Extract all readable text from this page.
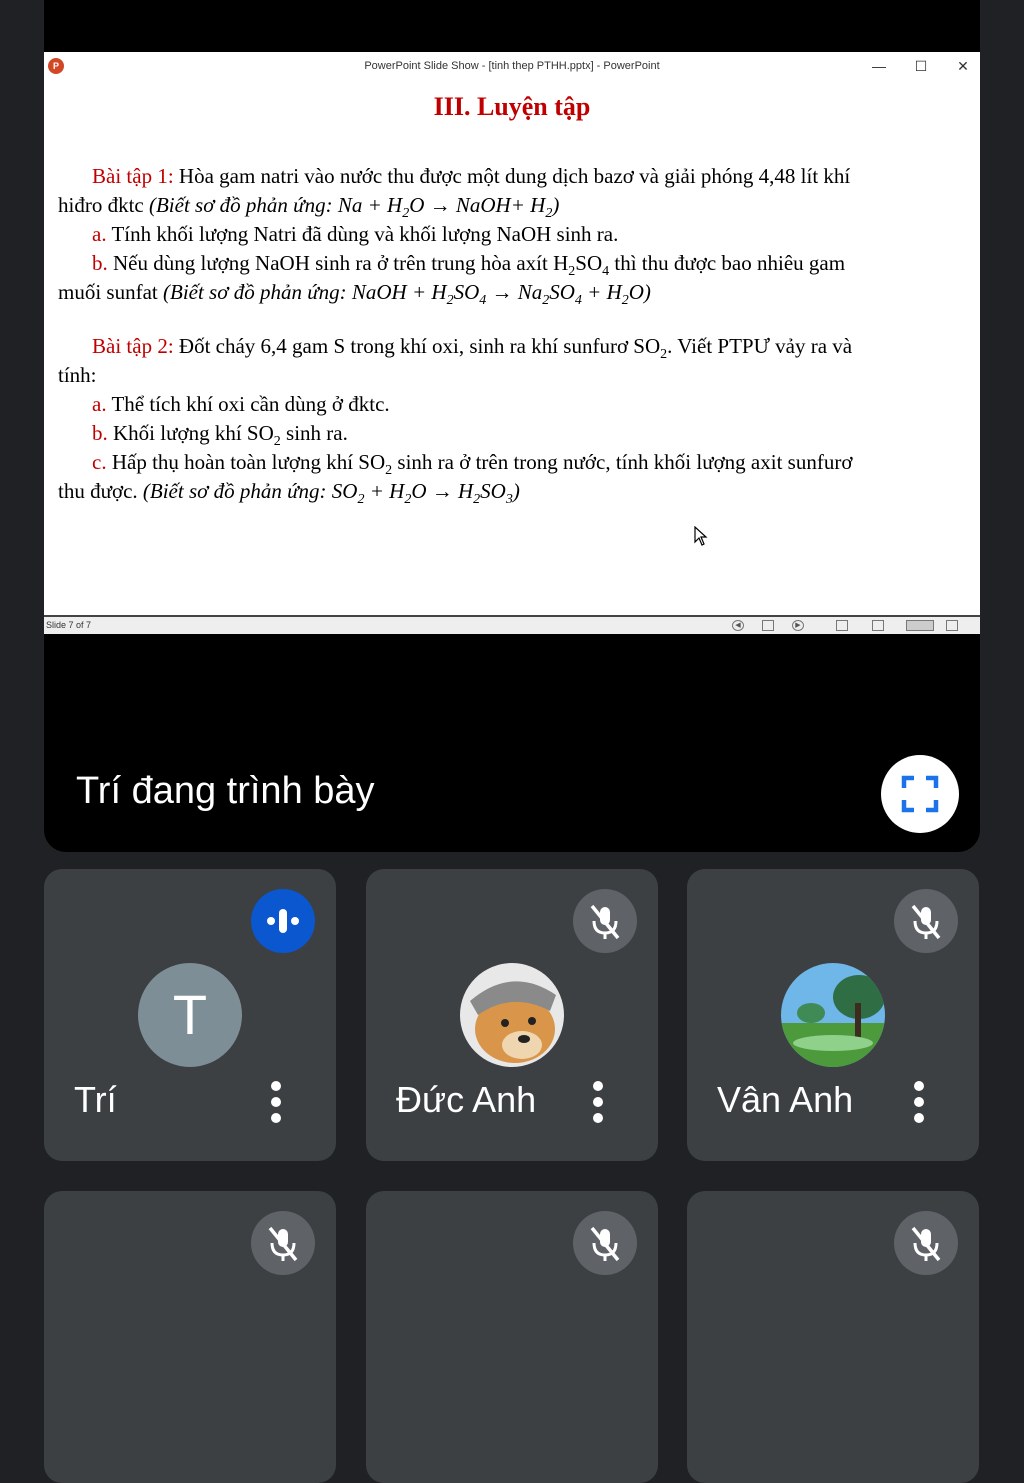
P	PowerPoint Slide Show - [tinh thep PTHH.pptx] - PowerPoint	—	☐	✕
III. Luyện tập
Bài tập 1: Hòa gam natri vào nước thu được một dung dịch bazơ và giải phóng 4,48 lít khí
hiđro đktc (Biết sơ đồ phản ứng: $Na + H_2O$ → NaOH+ $H_2$)
a. Tính khối lượng Natri đã dùng và khối lượng NaOH sinh ra.
b. Nếu dùng lượng NaOH sinh ra ở trên trung hòa axít $H_2SO_4$ thì thu được bao nhiêu gam
muối sunfat (Biết sơ đồ phản ứng: NaOH + $H_2SO_4 \to Na_2SO_4 + H_2O$)
Bài tập 2: Đốt cháy 6,4 gam S trong khí oxi, sinh ra khí sunfurơ $SO_2$. Viết PTPƯ vảy ra và
tính:
a. Thể tích khí oxi cần dùng ở đktc.
b. Khối lượng khí $SO_2$ sinh ra.
c. Hấp thụ hoàn toàn lượng khí $SO_2$ sinh ra ở trên trong nước, tính khối lượng axit sunfurơ
thu được. (Biết sơ đồ phản ứng: $SO_2 + H_2O \to H_2SO_3$)
Slide 7 of 7	◀	▶
Trí đang trình bày
T
Trí	Đức Anh	Vân Anh
